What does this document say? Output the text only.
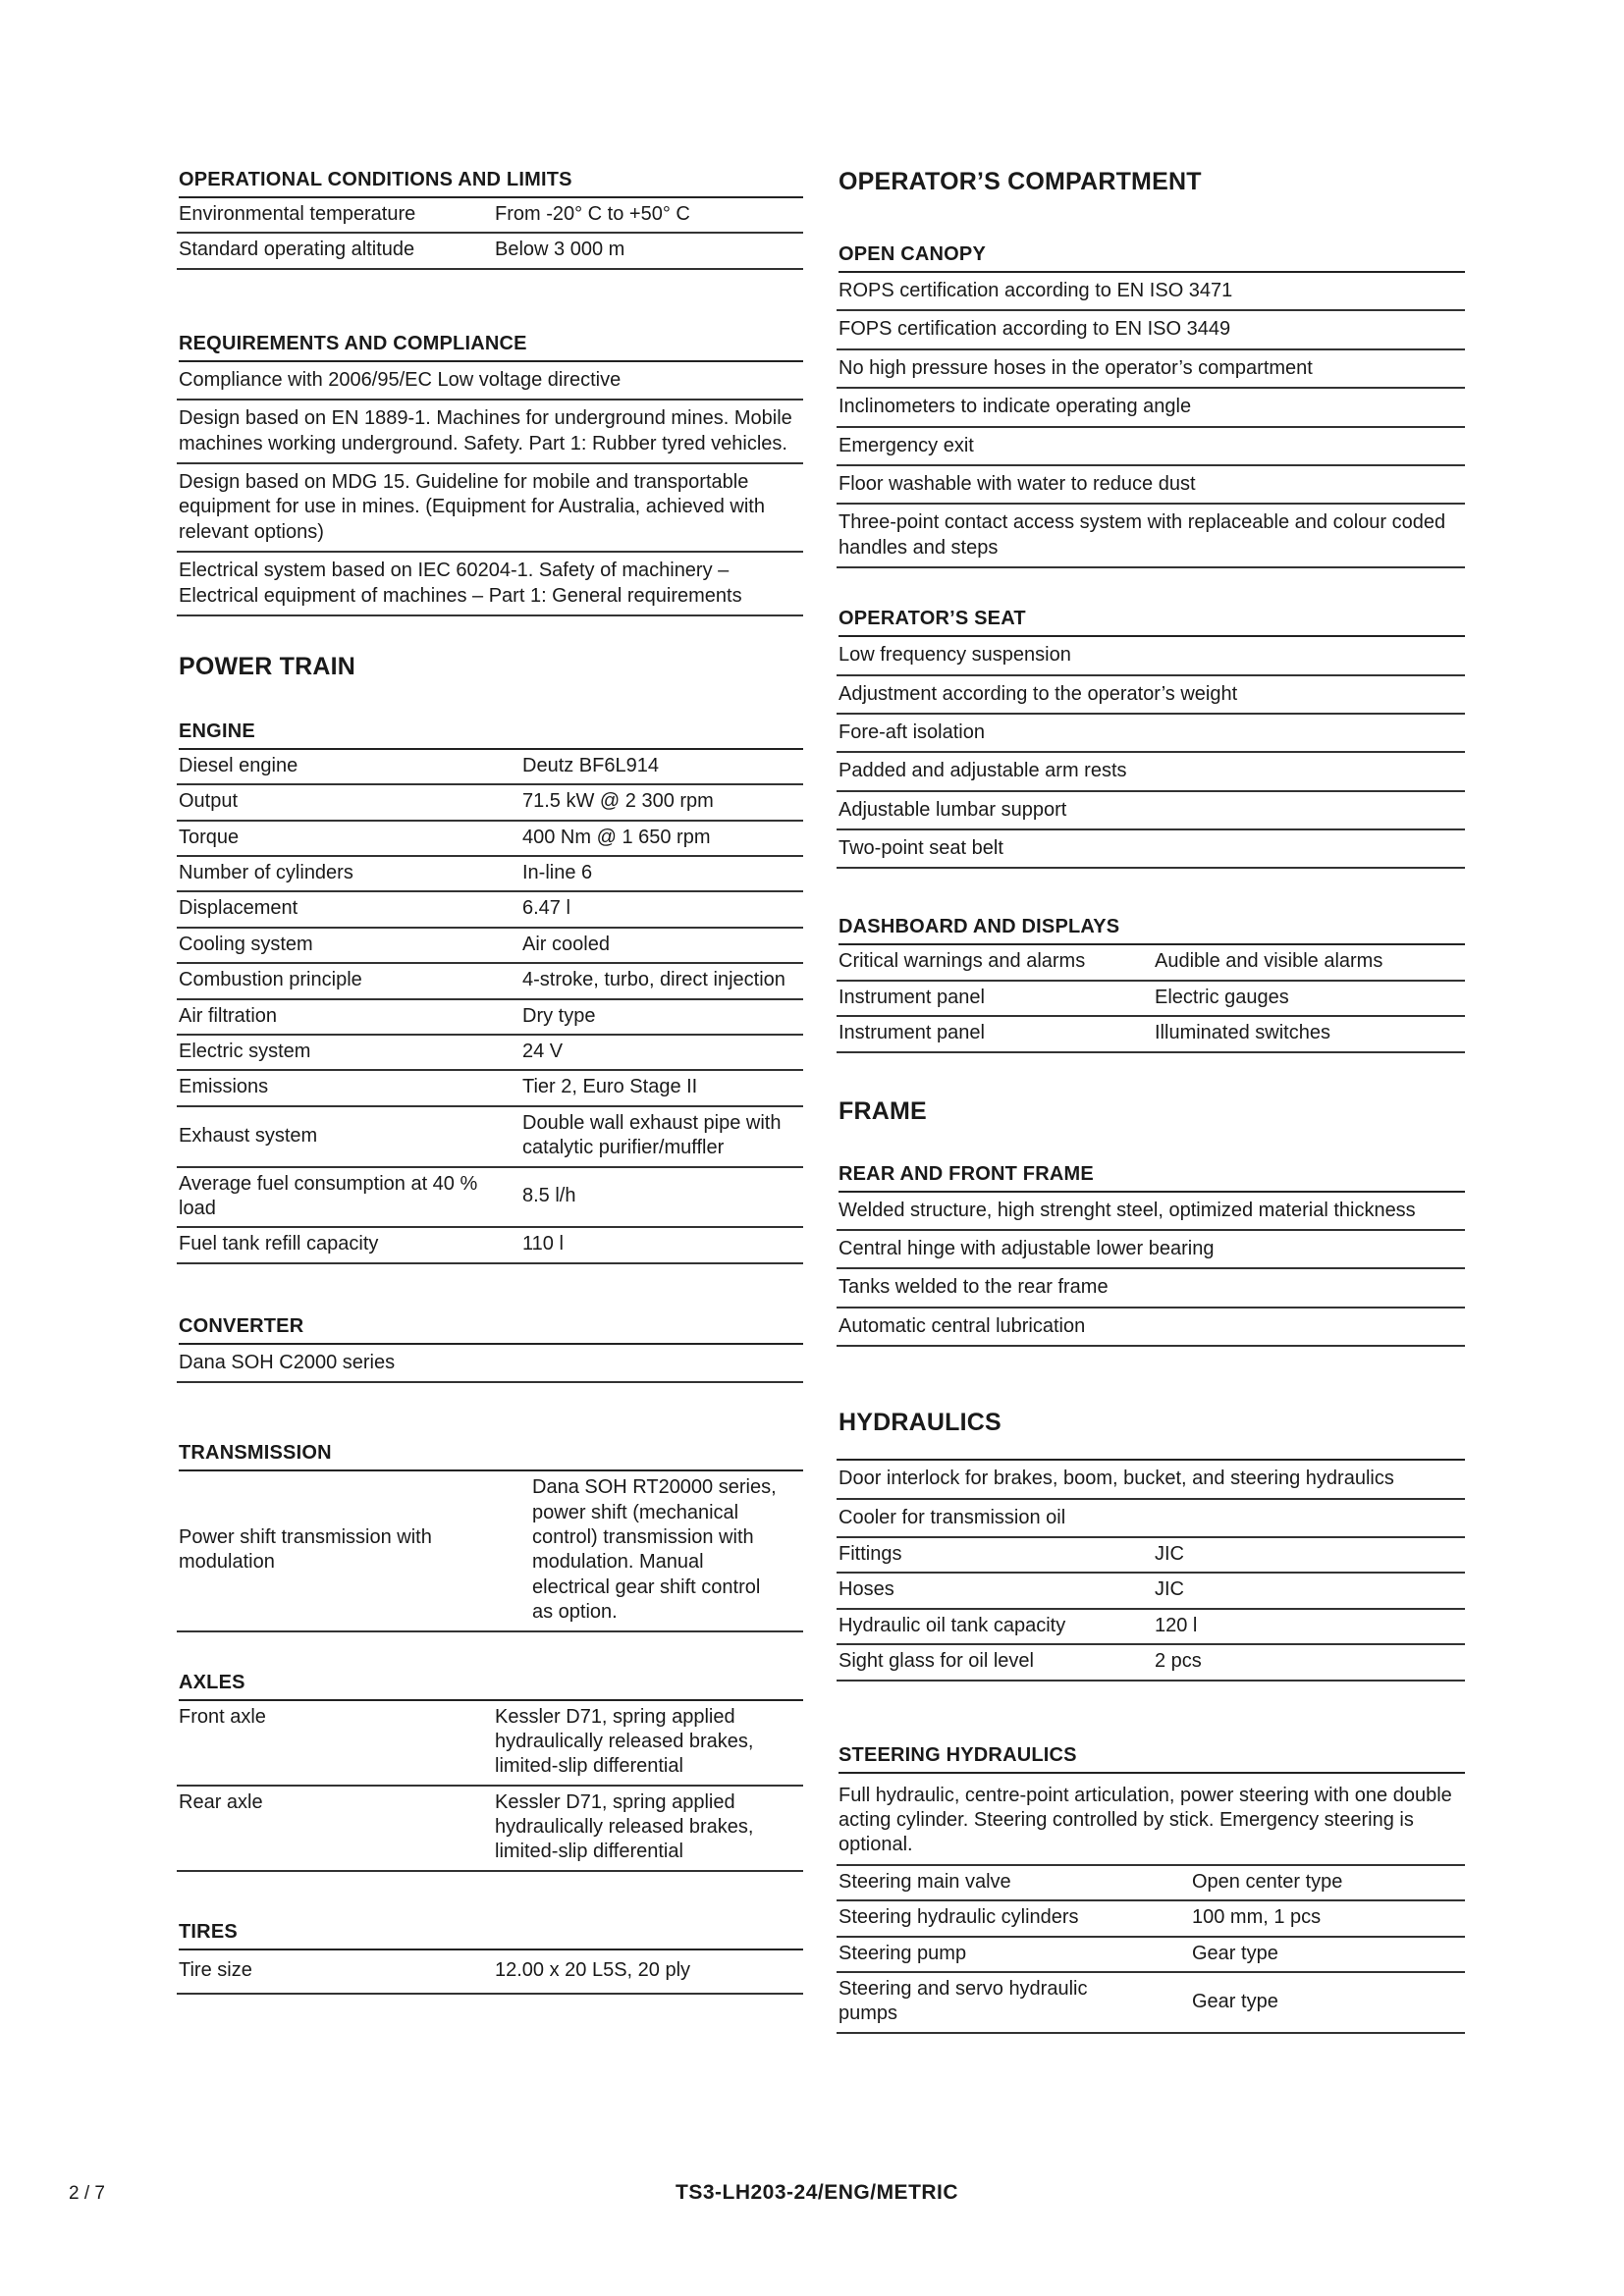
OPERATIONAL CONDITIONS AND LIMITS
Environmental temperature	From -20° C to +50° C
Standard operating altitude	Below 3 000 m
REQUIREMENTS AND COMPLIANCE
Compliance with 2006/95/EC Low voltage directive
Design based on EN 1889-1. Machines for underground mines. Mobile machines working underground. Safety. Part 1: Rubber tyred vehicles.
Design based on MDG 15. Guideline for mobile and transportable equipment for use in mines. (Equipment for Australia, achieved with relevant options)
Electrical system based on IEC 60204-1. Safety of machinery – Electrical equipment of machines – Part 1: General requirements
POWER TRAIN
ENGINE
Diesel engine	Deutz BF6L914
Output	71.5 kW @ 2 300 rpm
Torque	400 Nm @ 1 650 rpm
Number of cylinders	In-line 6
Displacement	6.47 l
Cooling system	Air cooled
Combustion principle	4-stroke, turbo, direct injection
Air filtration	Dry type
Electric system	24 V
Emissions	Tier 2, Euro Stage II
Exhaust system	Double wall exhaust pipe with catalytic purifier/muffler
Average fuel consumption at 40 % load	8.5 l/h
Fuel tank refill capacity	110 l
CONVERTER
Dana SOH C2000 series
TRANSMISSION
Power shift transmission with modulation	Dana SOH RT20000 series, power shift (mechanical control) transmission with modulation. Manual electrical gear shift control as option.
AXLES
Front axle	Kessler D71, spring applied hydraulically released brakes, limited-slip differential
Rear axle	Kessler D71, spring applied hydraulically released brakes, limited-slip differential
TIRES
Tire size	12.00 x 20 L5S, 20 ply
OPERATOR’S COMPARTMENT
OPEN CANOPY
ROPS certification according to EN ISO 3471
FOPS certification according to EN ISO 3449
No high pressure hoses in the operator’s compartment
Inclinometers to indicate operating angle
Emergency exit
Floor washable with water to reduce dust
Three-point contact access system with replaceable and colour coded handles and steps
OPERATOR’S SEAT
Low frequency suspension
Adjustment according to the operator’s weight
Fore-aft isolation
Padded and adjustable arm rests
Adjustable lumbar support
Two-point seat belt
DASHBOARD AND DISPLAYS
Critical warnings and alarms	Audible and visible alarms
Instrument panel	Electric gauges
Instrument panel	Illuminated switches
FRAME
REAR AND FRONT FRAME
Welded structure, high strenght steel, optimized material thickness
Central hinge with adjustable lower bearing
Tanks welded to the rear frame
Automatic central lubrication
HYDRAULICS
Door interlock for brakes, boom, bucket, and steering hydraulics
Cooler for transmission oil
Fittings	JIC
Hoses	JIC
Hydraulic oil tank capacity	120 l
Sight glass for oil level	2 pcs
STEERING HYDRAULICS
Full hydraulic, centre-point articulation, power steering with one double acting cylinder. Steering controlled by stick. Emergency steering is optional.
Steering main valve	Open center type
Steering hydraulic cylinders	100 mm, 1 pcs
Steering pump	Gear type
Steering and servo hydraulic pumps	Gear type
2 / 7	TS3-LH203-24/ENG/METRIC
